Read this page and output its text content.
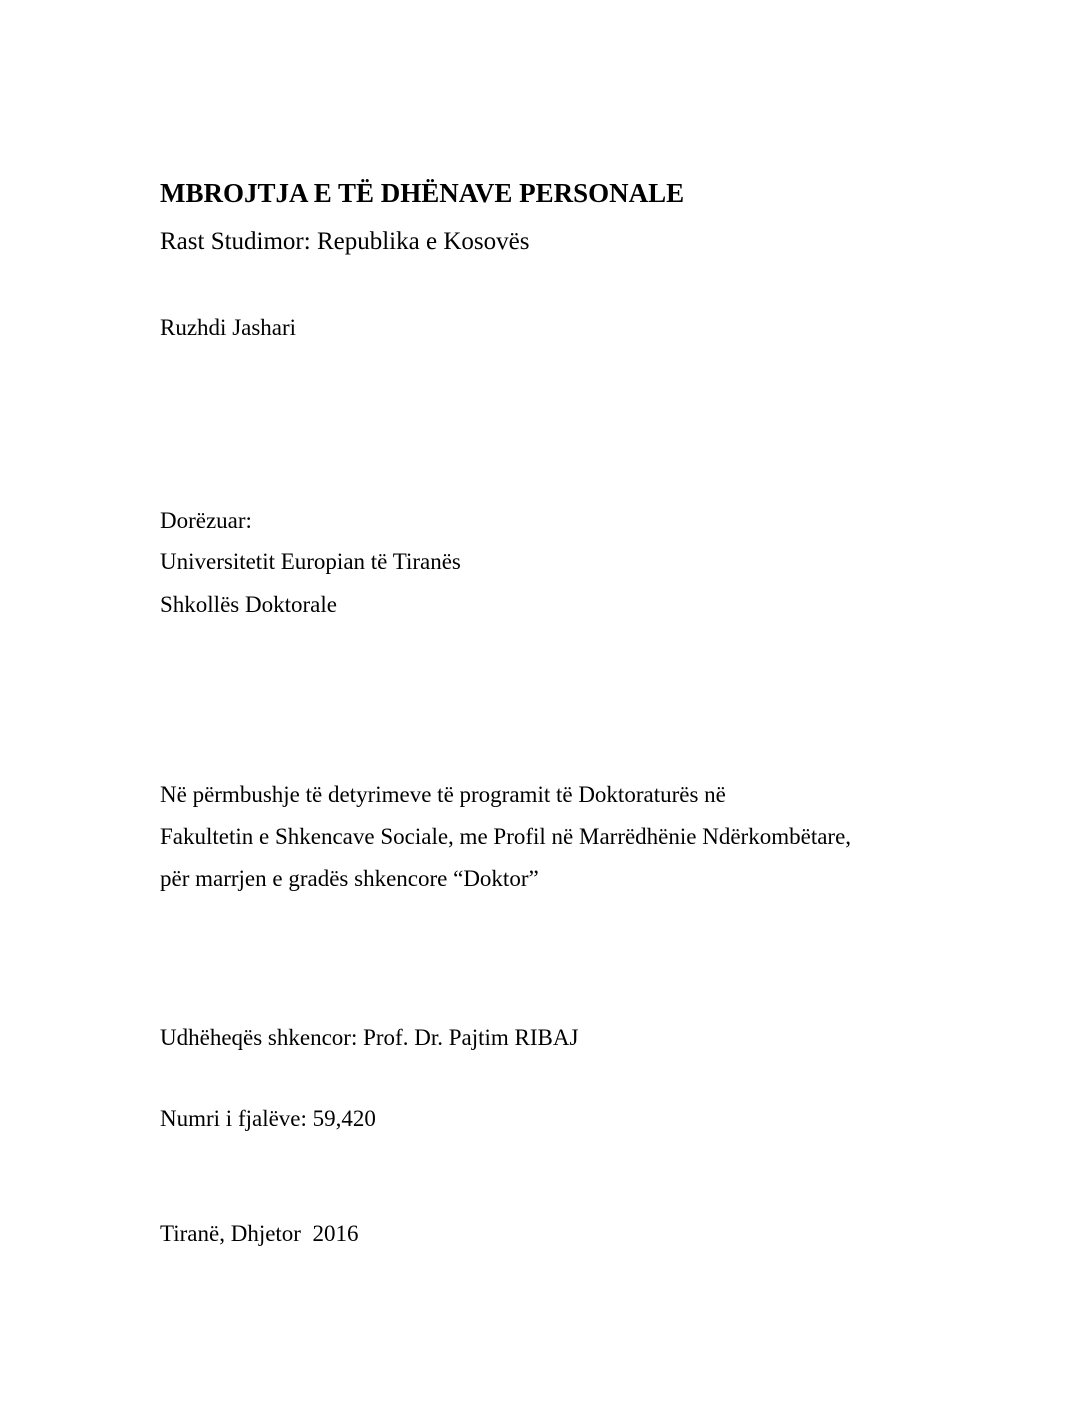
MBROJTJA E TË DHËNAVE PERSONALE
Rast Studimor: Republika e Kosovës
Ruzhdi Jashari
Dorëzuar:
Universitetit Europian të Tiranës
Shkollës Doktorale
Në përmbushje të detyrimeve të programit të Doktoraturës në
Fakultetin e Shkencave Sociale, me Profil në Marrëdhënie Ndërkombëtare,
për marrjen e gradës shkencore “Doktor”
Udhëheqës shkencor: Prof. Dr. Pajtim RIBAJ
Numri i fjalëve: 59,420
Tiranë, Dhjetor  2016
